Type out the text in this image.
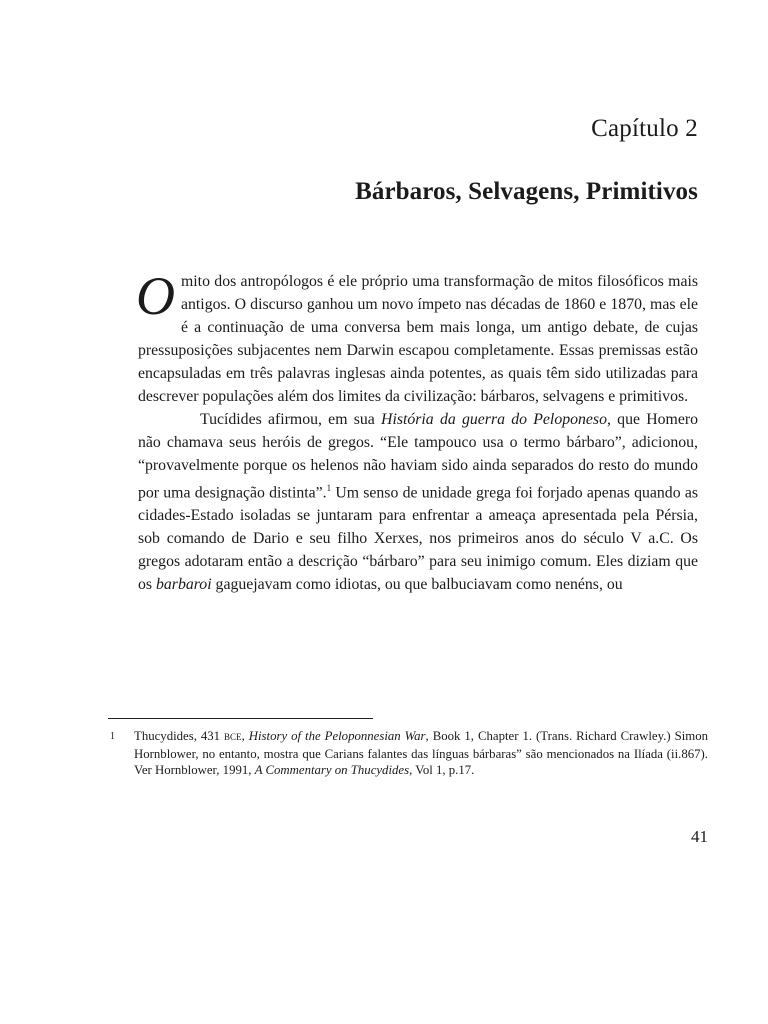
Capítulo 2
Bárbaros, Selvagens, Primitivos

O mito dos antropólogos é ele próprio uma transformação de mitos filosóficos mais antigos. O discurso ganhou um novo ímpeto nas décadas de 1860 e 1870, mas ele é a continuação de uma conversa bem mais longa, um antigo debate, de cujas pressuposições subjacentes nem Darwin escapou completamente. Essas premissas estão encapsuladas em três palavras inglesas ainda potentes, as quais têm sido utilizadas para descrever populações além dos limites da civilização: bárbaros, selvagens e primitivos.

Tucídides afirmou, em sua História da guerra do Peloponeso, que Homero não chamava seus heróis de gregos. “Ele tampouco usa o termo bárbaro”, adicionou, “provavelmente porque os helenos não haviam sido ainda separados do resto do mundo por uma designação distinta”.$^1$ Um senso de unidade grega foi forjado apenas quando as cidades-Estado isoladas se juntaram para enfrentar a ameaça apresentada pela Pérsia, sob comando de Dario e seu filho Xerxes, nos primeiros anos do século V a.C. Os gregos adotaram então a descrição “bárbaro” para seu inimigo comum. Eles diziam que os barbaroi gaguejavam como idiotas, ou que balbuciavam como nenéns, ou

1 Thucydides, 431 BCE, History of the Peloponnesian War, Book 1, Chapter 1. (Trans. Richard Crawley.) Simon Hornblower, no entanto, mostra que Carians falantes das línguas bárbaras” são mencionados na Ilíada (ii.867). Ver Hornblower, 1991, A Commentary on Thucydides, Vol 1, p.17.
41
